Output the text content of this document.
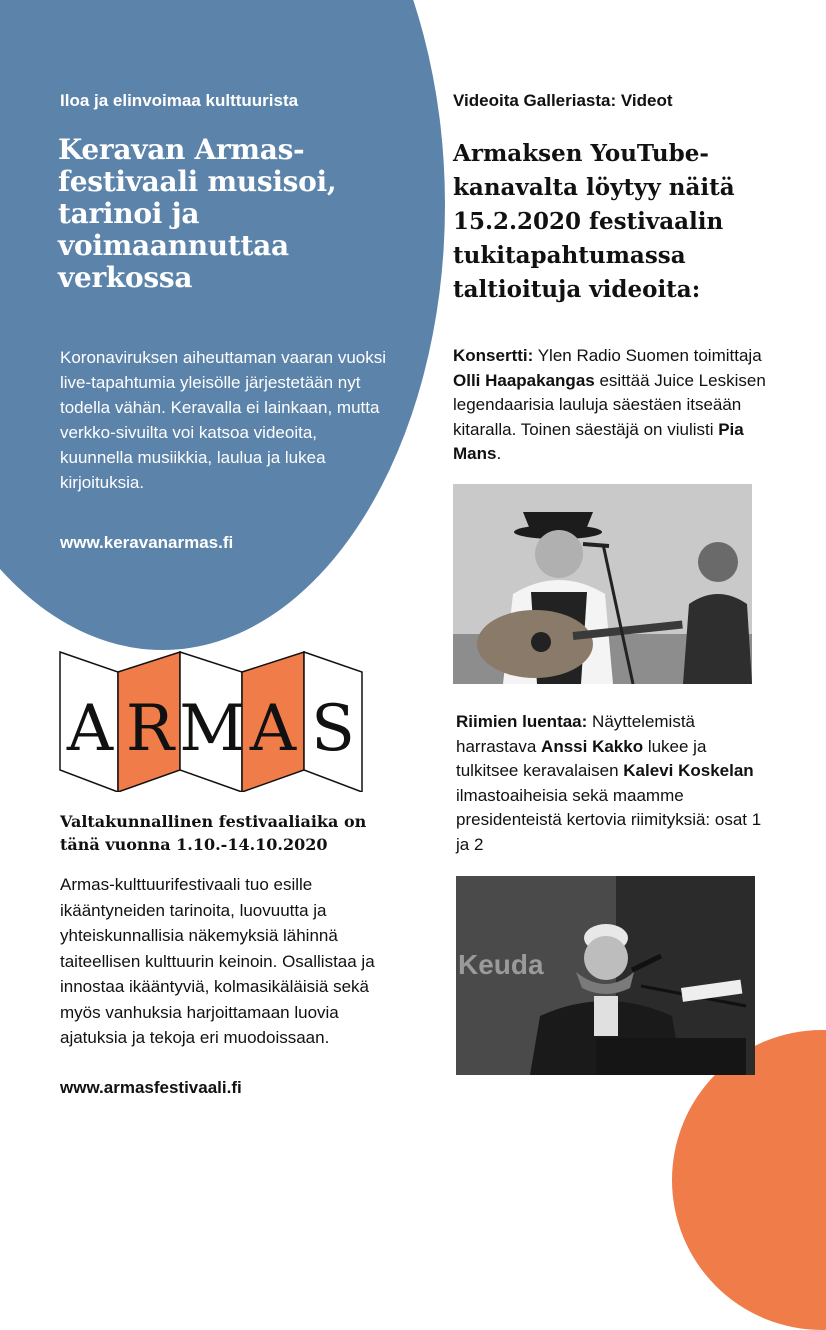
Iloa ja elinvoimaa kulttuurista
Keravan Armas-festivaali musisoi, tarinoi ja voimaannuttaa verkossa

Koronaviruksen aiheuttaman vaaran vuoksi live-tapahtumia yleisölle järjestetään nyt todella vähän. Keravalla ei lainkaan, mutta verkko-sivuilta voi katsoa videoita, kuunnella musiikkia, laulua ja lukea kirjoituksia.

www.keravanarmas.fi
A R M A S

Valtakunnallinen festivaaliaika on tänä vuonna 1.10.-14.10.2020

Armas-kulttuurifestivaali tuo esille ikääntyneiden tarinoita, luovuutta ja yhteiskunnallisia näkemyksiä lähinnä taiteellisen kulttuurin keinoin. Osallistaa ja innostaa ikääntyviä, kolmasikäläisiä sekä myös vanhuksia harjoittamaan luovia ajatuksia ja tekoja eri muodoissaan.

www.armasfestivaali.fi
Videoita Galleriasta: Videot
Armaksen YouTube-kanavalta löytyy näitä 15.2.2020 festivaalin tukitapahtumassa taltioituja videoita:

Konsertti: Ylen Radio Suomen toimittaja Olli Haapakangas esittää Juice Leskisen legendaarisia lauluja säestäen itseään kitaralla. Toinen säestäjä on viulisti Pia Mans.

Riimien luentaa: Näyttelemistä harrastava Anssi Kakko lukee ja tulkitsee keravalaisen Kalevi Koskelan ilmastoaiheisia sekä maamme presidenteistä kertovia riimityksiä: osat 1 ja 2

Keuda
